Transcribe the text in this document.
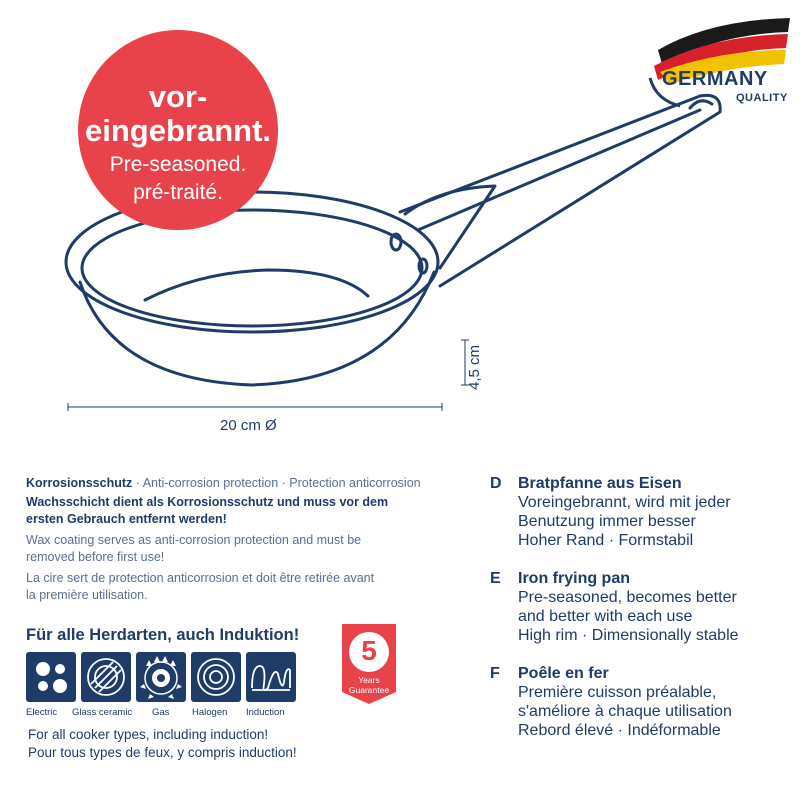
vor-
eingebrannt.
Pre-seasoned.
pré-traité.
GERMANY
QUALITY
20 cm Ø
4,5 cm

Korrosionsschutz · Anti-corrosion protection · Protection anticorrosion

Wachsschicht dient als Korrosionsschutz und muss vor dem
ersten Gebrauch entfernt werden!

Wax coating serves as anti-corrosion protection and must be
removed before first use!

La cire sert de protection anticorrosion et doit être retirée avant
la première utilisation.

Für alle Herdarten, auch Induktion!
Electric Glass ceramic Gas Halogen Induction
5
Years
Guarantee
For all cooker types, including induction!
Pour tous types de feux, y compris induction!
D Bratpfanne aus Eisen
Voreingebrannt, wird mit jeder
Benutzung immer besser
Hoher Rand · Formstabil
E Iron frying pan
Pre-seasoned, becomes better
and better with each use
High rim · Dimensionally stable
F Poêle en fer
Première cuisson préalable,
s'améliore à chaque utilisation
Rebord élevé · Indéformable
